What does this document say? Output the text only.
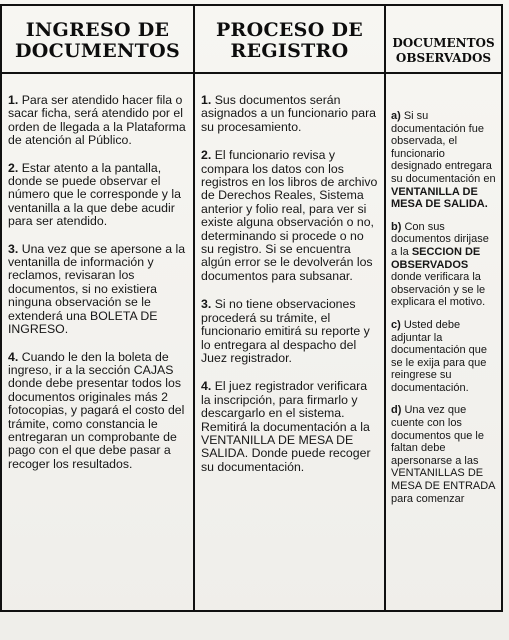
INGRESO DE
DOCUMENTOS
1. Para ser atendido hacer fila o sacar ficha, será atendido por el orden de llegada a la Plataforma de atención al Público.
2. Estar atento a la pantalla, donde se puede observar el número que le corresponde y la ventanilla a la que debe acudir para ser atendido.
3. Una vez que se apersone a la ventanilla de información y reclamos, revisaran los documentos, si no existiera ninguna observación se le extenderá una BOLETA DE INGRESO.
4. Cuando le den la boleta de ingreso, ir a la sección CAJAS donde debe presentar todos los documentos originales más 2 fotocopias, y pagará el costo del trámite, como constancia le entregaran un comprobante de pago con el que debe pasar a recoger los resultados.
PROCESO DE
REGISTRO
1. Sus documentos serán asignados a un funcionario para su procesamiento.
2. El funcionario revisa y compara los datos con los registros en los libros de archivo de Derechos Reales, Sistema anterior y folio real, para ver si existe alguna observación o no, determinando si procede o no su registro. Si se encuentra algún error se le devolverán los documentos para subsanar.
3. Si no tiene observaciones procederá su trámite, el funcionario emitirá su reporte y lo entregara al despacho del Juez registrador.
4. El juez registrador verificara la inscripción, para firmarlo y descargarlo en el sistema. Remitirá la documentación a la VENTANILLA DE MESA DE SALIDA. Donde puede recoger su documentación.
DOCUMENTOS
OBSERVADOS
a) Si su documentación fue observada, el funcionario designado entregara su documentación en VENTANILLA DE MESA DE SALIDA.
b) Con sus documentos dirijase a la SECCION DE OBSERVADOS donde verificara la observación y se le explicara el motivo.
c) Usted debe adjuntar la documentación que se le exija para que reingrese su documentación.
d) Una vez que cuente con los documentos que le faltan debe apersonarse a las VENTANILLAS DE MESA DE ENTRADA para comenzar
